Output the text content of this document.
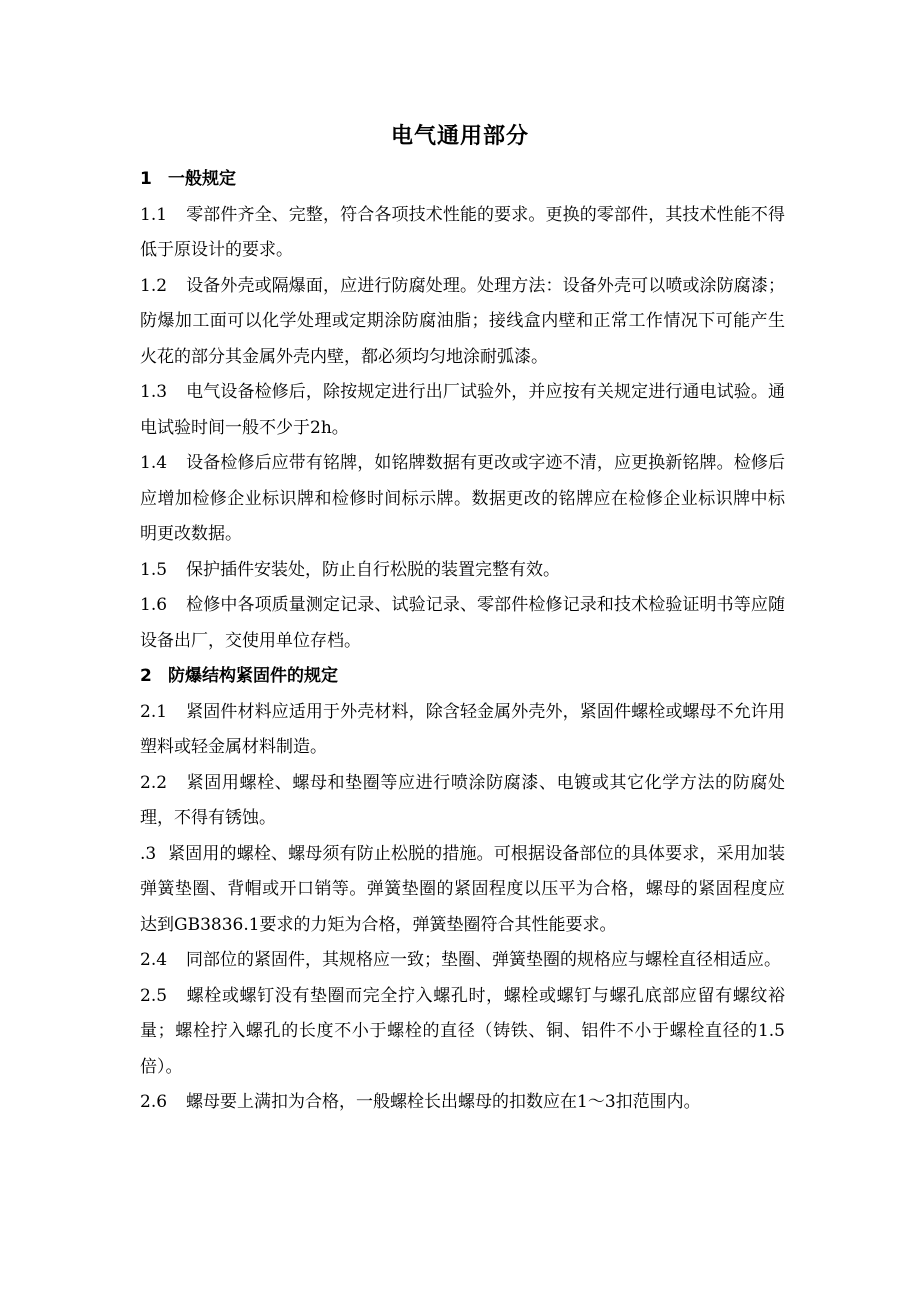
电气通用部分

1 一般规定

1.1 零部件齐全、完整，符合各项技术性能的要求。更换的零部件，其技术性能不得低于原设计的要求。

1.2 设备外壳或隔爆面，应进行防腐处理。处理方法：设备外壳可以喷或涂防腐漆；防爆加工面可以化学处理或定期涂防腐油脂；接线盒内壁和正常工作情况下可能产生火花的部分其金属外壳内壁，都必须均匀地涂耐弧漆。

1.3 电气设备检修后，除按规定进行出厂试验外，并应按有关规定进行通电试验。通电试验时间一般不少于2h。

1.4 设备检修后应带有铭牌，如铭牌数据有更改或字迹不清，应更换新铭牌。检修后应增加检修企业标识牌和检修时间标示牌。数据更改的铭牌应在检修企业标识牌中标明更改数据。

1.5 保护插件安装处，防止自行松脱的装置完整有效。

1.6 检修中各项质量测定记录、试验记录、零部件检修记录和技术检验证明书等应随设备出厂，交使用单位存档。

2 防爆结构紧固件的规定

2.1 紧固件材料应适用于外壳材料，除含轻金属外壳外，紧固件螺栓或螺母不允许用塑料或轻金属材料制造。

2.2 紧固用螺栓、螺母和垫圈等应进行喷涂防腐漆、电镀或其它化学方法的防腐处理，不得有锈蚀。

.3 紧固用的螺栓、螺母须有防止松脱的措施。可根据设备部位的具体要求，采用加装弹簧垫圈、背帽或开口销等。弹簧垫圈的紧固程度以压平为合格，螺母的紧固程度应达到GB3836.1要求的力矩为合格，弹簧垫圈符合其性能要求。

2.4 同部位的紧固件，其规格应一致；垫圈、弹簧垫圈的规格应与螺栓直径相适应。

2.5 螺栓或螺钉没有垫圈而完全拧入螺孔时，螺栓或螺钉与螺孔底部应留有螺纹裕量；螺栓拧入螺孔的长度不小于螺栓的直径（铸铁、铜、铝件不小于螺栓直径的1.5倍）。

2.6 螺母要上满扣为合格，一般螺栓长出螺母的扣数应在1～3扣范围内。
